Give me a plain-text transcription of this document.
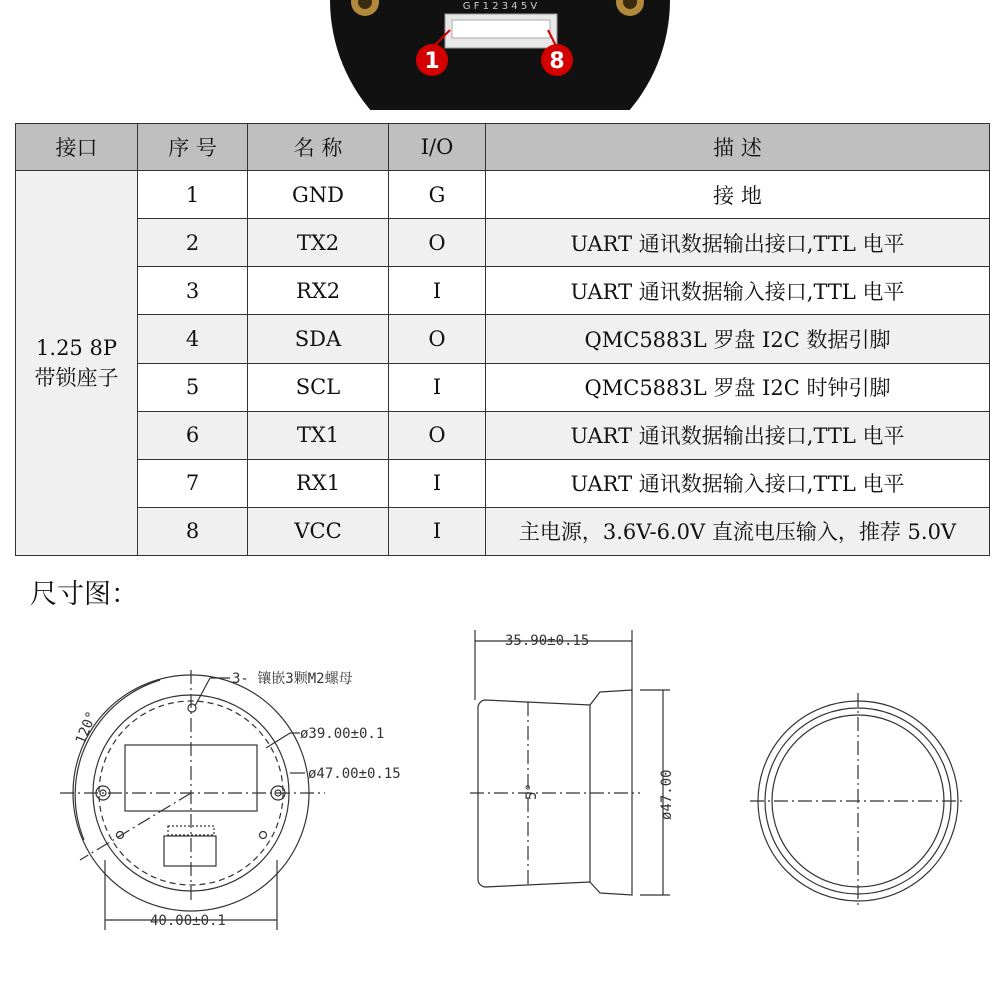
G F 1 2 3 4 5 V
1	8
接口	序 号	名 称	I/O	描 述

1.25 8P
带锁座子	1	GND	G	接 地
	2	TX2	O	UART 通讯数据输出接口,TTL 电平
	3	RX2	I	UART 通讯数据输入接口,TTL 电平
	4	SDA	O	QMC5883L 罗盘 I2C 数据引脚
	5	SCL	I	QMC5883L 罗盘 I2C 时钟引脚
	6	TX1	O	UART 通讯数据输出接口,TTL 电平
	7	RX1	I	UART 通讯数据输入接口,TTL 电平
	8	VCC	I	主电源，3.6V-6.0V 直流电压输入，推荐 5.0V
尺寸图：
120°
3- 镶嵌3颗M2螺母
ø39.00±0.1
ø47.00±0.15
40.00±0.1
35.90±0.15
5°	ø47.00
